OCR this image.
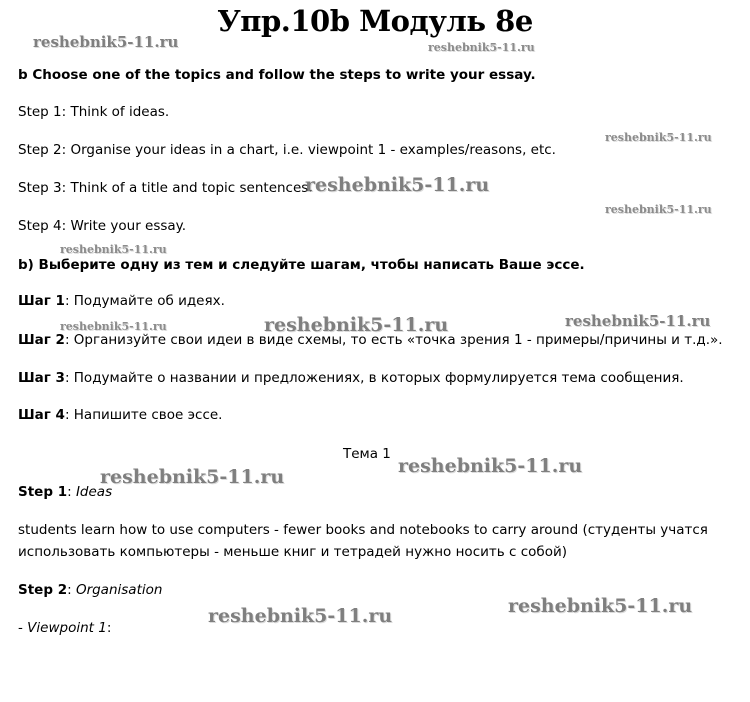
Упр.10b Модуль 8e

b Choose one of the topics and follow the steps to write your essay.

Step 1: Think of ideas.

Step 2: Organise your ideas in a chart, i.e. viewpoint 1 - examples/reasons, etc.

Step 3: Think of a title and topic sentences.

Step 4: Write your essay.

b) Выберите одну из тем и следуйте шагам, чтобы написать Ваше эссе.

Шаг 1: Подумайте об идеях.

Шаг 2: Организуйте свои идеи в виде схемы, то есть «точка зрения 1 - примеры/причины и т.д.».

Шаг 3: Подумайте о названии и предложениях, в которых формулируется тема сообщения.

Шаг 4: Напишите свое эссе.

Тема 1

Step 1: Ideas

students learn how to use computers - fewer books and notebooks to carry around (студенты учатся использовать компьютеры - меньше книг и тетрадей нужно носить с собой)

Step 2: Organisation

- Viewpoint 1:

reshebnik5-11.ru	reshebnik5-11.ru
reshebnik5-11.ru
reshebnik5-11.ru
reshebnik5-11.ru
reshebnik5-11.ru
reshebnik5-11.ru	reshebnik5-11.ru	reshebnik5-11.ru
reshebnik5-11.ru
reshebnik5-11.ru
reshebnik5-11.ru
reshebnik5-11.ru
